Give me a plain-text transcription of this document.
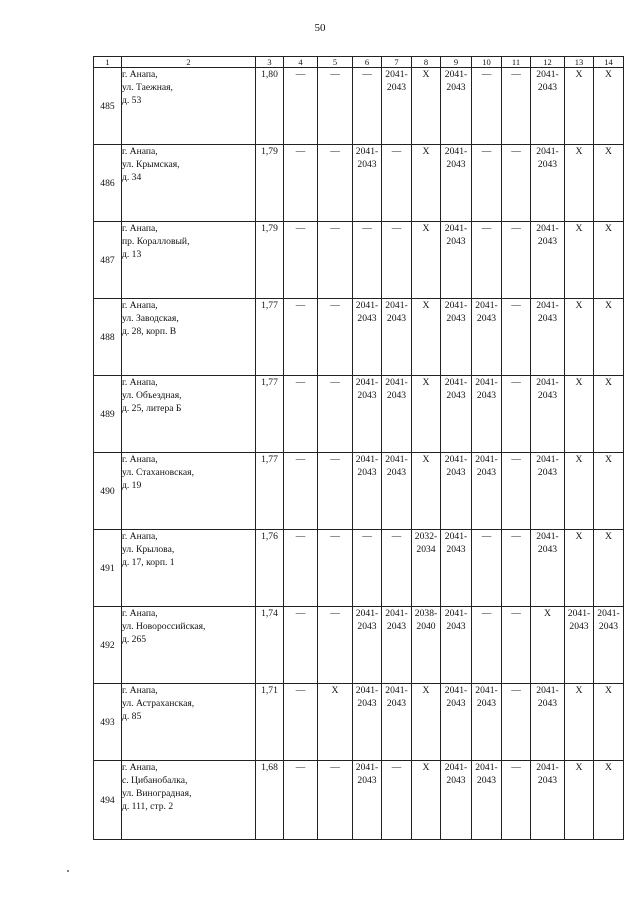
50
1	2	3	4	5	6	7	8	9	10	11	12	13	14
485	г. Анапа,
ул. Таежная,
д. 53	1,80	—	—	—	2041-
2043	X	2041-
2043	—	—	2041-
2043	X	X
486	г. Анапа,
ул. Крымская,
д. 34	1,79	—	—	2041-
2043	—	X	2041-
2043	—	—	2041-
2043	X	X
487	г. Анапа,
пр. Коралловый,
д. 13	1,79	—	—	—	—	X	2041-
2043	—	—	2041-
2043	X	X
488	г. Анапа,
ул. Заводская,
д. 28, корп. В	1,77	—	—	2041-
2043	2041-
2043	X	2041-
2043	2041-
2043	—	2041-
2043	X	X
489	г. Анапа,
ул. Объездная,
д. 25, литера Б	1,77	—	—	2041-
2043	2041-
2043	X	2041-
2043	2041-
2043	—	2041-
2043	X	X
490	г. Анапа,
ул. Стахановская,
д. 19	1,77	—	—	2041-
2043	2041-
2043	X	2041-
2043	2041-
2043	—	2041-
2043	X	X
491	г. Анапа,
ул. Крылова,
д. 17, корп. 1	1,76	—	—	—	—	2032-
2034	2041-
2043	—	—	2041-
2043	X	X
492	г. Анапа,
ул. Новороссийская,
д. 265	1,74	—	—	2041-
2043	2041-
2043	2038-
2040	2041-
2043	—	—	X	2041-
2043	2041-
2043
493	г. Анапа,
ул. Астраханская,
д. 85	1,71	—	X	2041-
2043	2041-
2043	X	2041-
2043	2041-
2043	—	2041-
2043	X	X
494	г. Анапа,
с. Цибанобалка,
ул. Виноградная,
д. 111, стр. 2	1,68	—	—	2041-
2043	—	X	2041-
2043	2041-
2043	—	2041-
2043	X	X
